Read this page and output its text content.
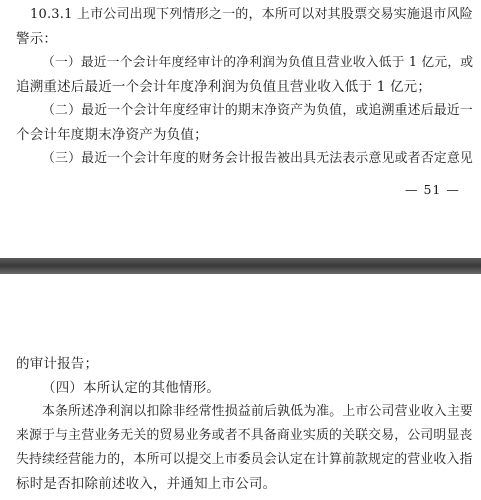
10.3.1 上市公司出现下列情形之一的，本所可以对其股票交易实施退市风险
警示：
（一）最近一个会计年度经审计的净利润为负值且营业收入低于 1 亿元，或
追溯重述后最近一个会计年度净利润为负值且营业收入低于 1 亿元；
（二）最近一个会计年度经审计的期末净资产为负值，或追溯重述后最近一
个会计年度期末净资产为负值；
（三）最近一个会计年度的财务会计报告被出具无法表示意见或者否定意见
— 51 —
的审计报告；
（四）本所认定的其他情形。
本条所述净利润以扣除非经常性损益前后孰低为准。上市公司营业收入主要
来源于与主营业务无关的贸易业务或者不具备商业实质的关联交易，公司明显丧
失持续经营能力的，本所可以提交上市委员会认定在计算前款规定的营业收入指
标时是否扣除前述收入，并通知上市公司。
